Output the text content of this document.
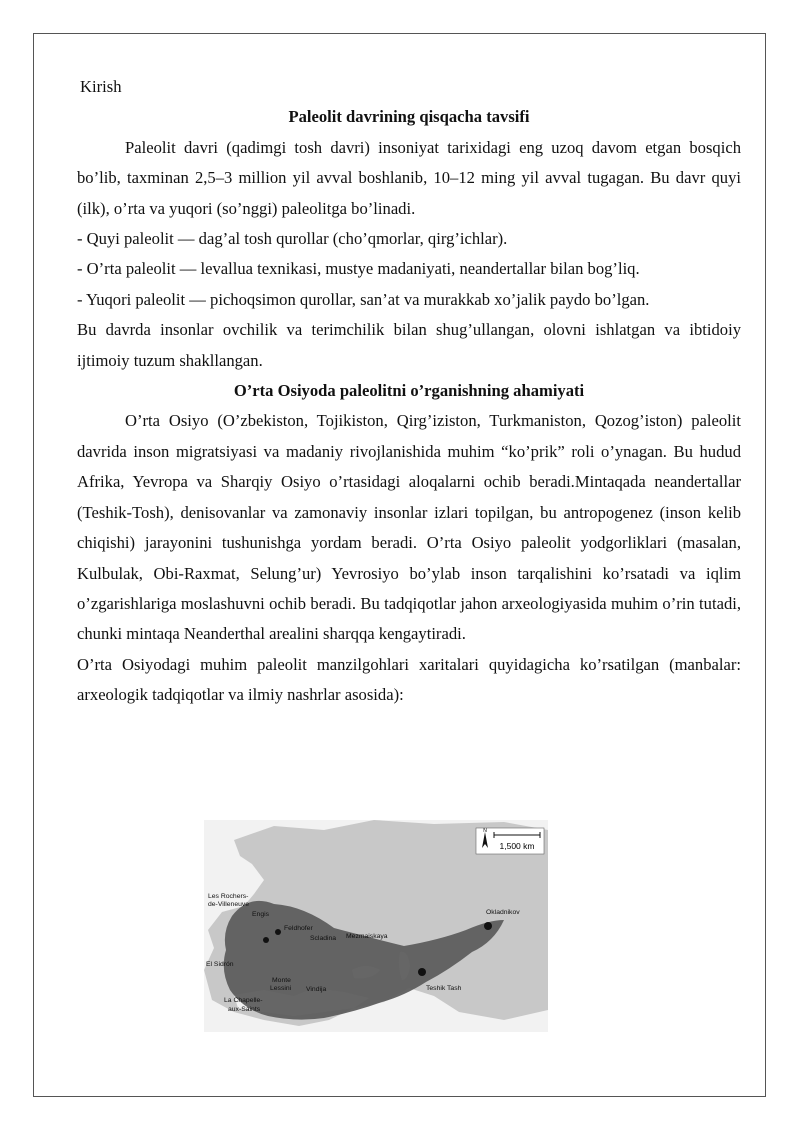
Kirish

Paleolit davrining qisqacha tavsifi

Paleolit davri (qadimgi tosh davri) insoniyat tarixidagi eng uzoq davom etgan bosqich bo’lib, taxminan 2,5–3 million yil avval boshlanib, 10–12 ming yil avval tugagan. Bu davr quyi (ilk), o’rta va yuqori (so’nggi) paleolitga bo’linadi.

- Quyi paleolit — dag’al tosh qurollar (cho’qmorlar, qirg’ichlar).

- O’rta paleolit — levallua texnikasi, mustye madaniyati, neandertallar bilan bog’liq.

- Yuqori paleolit — pichoqsimon qurollar, san’at va murakkab xo’jalik paydo bo’lgan.

Bu davrda insonlar ovchilik va terimchilik bilan shug’ullangan, olovni ishlatgan va ibtidoiy ijtimoiy tuzum shakllangan.

O’rta Osiyoda paleolitni o’rganishning ahamiyati

O’rta Osiyo (O’zbekiston, Tojikiston, Qirg’iziston, Turkmaniston, Qozog’iston) paleolit davrida inson migratsiyasi va madaniy rivojlanishida muhim “ko’prik” roli o’ynagan. Bu hudud Afrika, Yevropa va Sharqiy Osiyo o’rtasidagi aloqalarni ochib beradi.Mintaqada neandertallar (Teshik-Tosh), denisovanlar va zamonaviy insonlar izlari topilgan, bu antropogenez (inson kelib chiqishi) jarayonini tushunishga yordam beradi. O’rta Osiyo paleolit yodgorliklari (masalan, Kulbulak, Obi-Raxmat, Selung’ur) Yevrosiyo bo’ylab inson tarqalishini ko’rsatadi va iqlim o’zgarishlariga moslashuvni ochib beradi. Bu tadqiqotlar jahon arxeologiyasida muhim o’rin tutadi, chunki mintaqa Neanderthal arealini sharqqa kengaytiradi.

O’rta Osiyodagi muhim paleolit manzilgohlari xaritalari quyidagicha ko’rsatilgan (manbalar: arxeologik tadqiqotlar va ilmiy nashrlar asosida):

N
1,500 km
Les Rochers-
de-Villeneuve
Engis
Feldhofer
Scladina Mezmaiskaya
Okladnikov
El Sidrón
Monte
Lessini Vindija
La Chapelle-
aux-Saints
Teshik Tash
